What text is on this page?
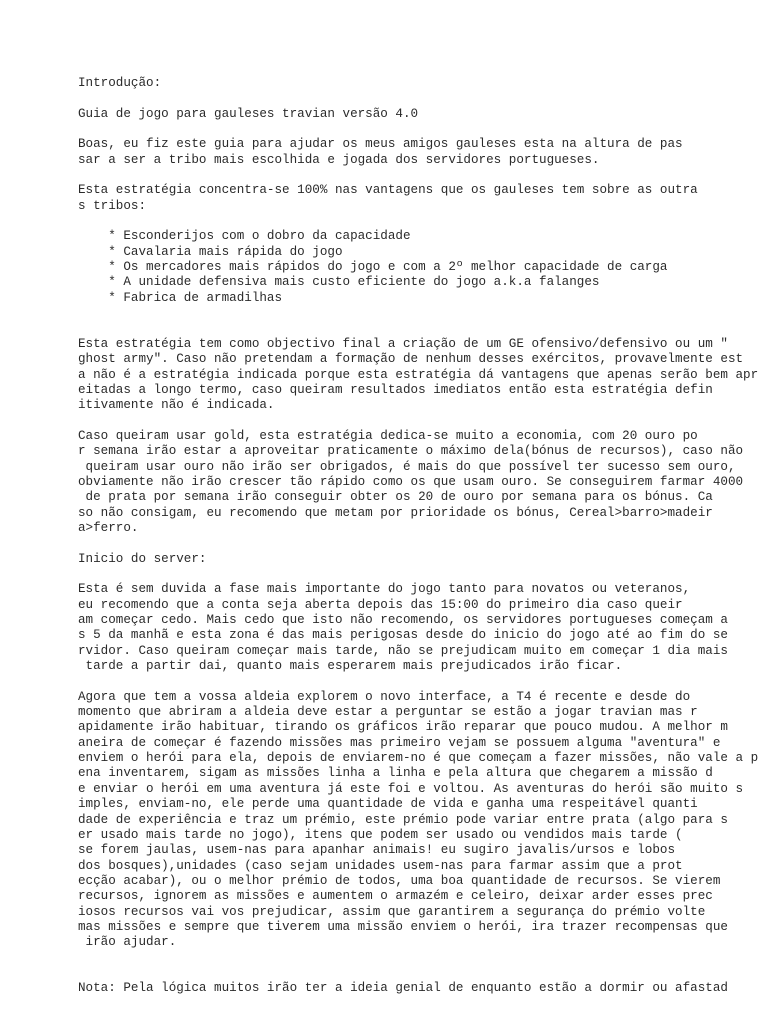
Introdução:
Guia de jogo para gauleses travian versão 4.0
Boas, eu fiz este guia para ajudar os meus amigos gauleses esta na altura de pas
sar a ser a tribo mais escolhida e jogada dos servidores portugueses.
Esta estratégia concentra-se 100% nas vantagens que os gauleses tem sobre as outra
s tribos:
* Esconderijos com o dobro da capacidade
* Cavalaria mais rápida do jogo
* Os mercadores mais rápidos do jogo e com a 2º melhor capacidade de carga
* A unidade defensiva mais custo eficiente do jogo a.k.a falanges
* Fabrica de armadilhas
Esta estratégia tem como objectivo final a criação de um GE ofensivo/defensivo ou um "
ghost army". Caso não pretendam a formação de nenhum desses exércitos, provavelmente est
a não é a estratégia indicada porque esta estratégia dá vantagens que apenas serão bem apr
eitadas a longo termo, caso queiram resultados imediatos então esta estratégia defin
itivamente não é indicada.
Caso queiram usar gold, esta estratégia dedica-se muito a economia, com 20 ouro po
r semana irão estar a aproveitar praticamente o máximo dela(bónus de recursos), caso não
queiram usar ouro não irão ser obrigados, é mais do que possível ter sucesso sem ouro,
obviamente não irão crescer tão rápido como os que usam ouro. Se conseguirem farmar 4000
de prata por semana irão conseguir obter os 20 de ouro por semana para os bónus. Ca
so não consigam, eu recomendo que metam por prioridade os bónus, Cereal>barro>madeir
a>ferro.
Inicio do server:
Esta é sem duvida a fase mais importante do jogo tanto para novatos ou veteranos,
eu recomendo que a conta seja aberta depois das 15:00 do primeiro dia caso queir
am começar cedo. Mais cedo que isto não recomendo, os servidores portugueses começam a
s 5 da manhã e esta zona é das mais perigosas desde do inicio do jogo até ao fim do se
rvidor. Caso queiram começar mais tarde, não se prejudicam muito em começar 1 dia mais
tarde a partir dai, quanto mais esperarem mais prejudicados irão ficar.
Agora que tem a vossa aldeia explorem o novo interface, a T4 é recente e desde do
momento que abriram a aldeia deve estar a perguntar se estão a jogar travian mas r
apidamente irão habituar, tirando os gráficos irão reparar que pouco mudou. A melhor m
aneira de começar é fazendo missões mas primeiro vejam se possuem alguma "aventura" e
enviem o herói para ela, depois de enviarem-no é que começam a fazer missões, não vale a p
ena inventarem, sigam as missões linha a linha e pela altura que chegarem a missão d
e enviar o herói em uma aventura já este foi e voltou. As aventuras do herói são muito s
imples, enviam-no, ele perde uma quantidade de vida e ganha uma respeitável quanti
dade de experiência e traz um prémio, este prémio pode variar entre prata (algo para s
er usado mais tarde no jogo), itens que podem ser usado ou vendidos mais tarde (
se forem jaulas, usem-nas para apanhar animais! eu sugiro javalis/ursos e lobos
dos bosques),unidades (caso sejam unidades usem-nas para farmar assim que a prot
ecção acabar), ou o melhor prémio de todos, uma boa quantidade de recursos. Se vierem
recursos, ignorem as missões e aumentem o armazém e celeiro, deixar arder esses prec
iosos recursos vai vos prejudicar, assim que garantirem a segurança do prémio volte
mas missões e sempre que tiverem uma missão enviem o herói, ira trazer recompensas que
irão ajudar.
Nota: Pela lógica muitos irão ter a ideia genial de enquanto estão a dormir ou afastad
